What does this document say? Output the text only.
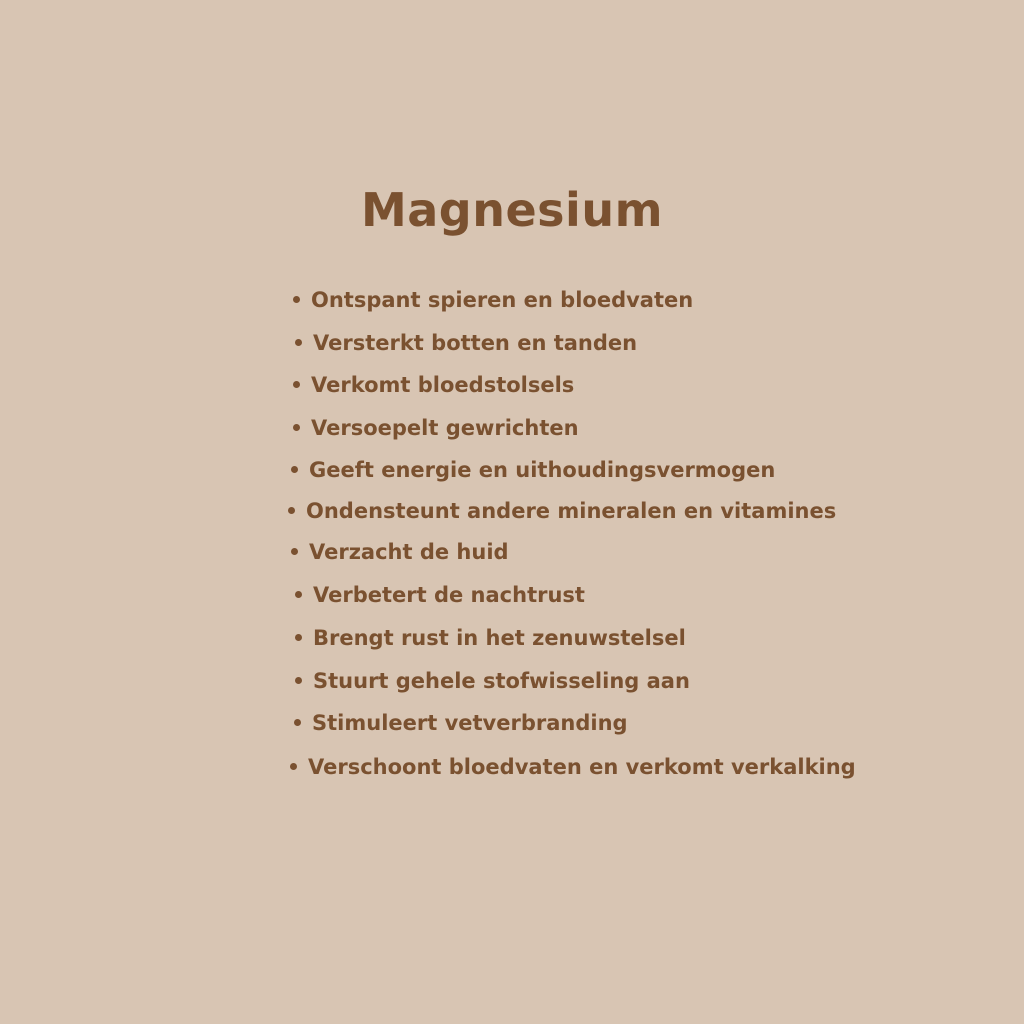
Magnesium
Ontspant spieren en bloedvaten
Versterkt botten en tanden
Verkomt bloedstolsels
Versoepelt gewrichten
Geeft energie en uithoudingsvermogen
Ondensteunt andere mineralen en vitamines
Verzacht de huid
Verbetert de nachtrust
Brengt rust in het zenuwstelsel
Stuurt gehele stofwisseling aan
Stimuleert vetverbranding
Verschoont bloedvaten en verkomt verkalking
